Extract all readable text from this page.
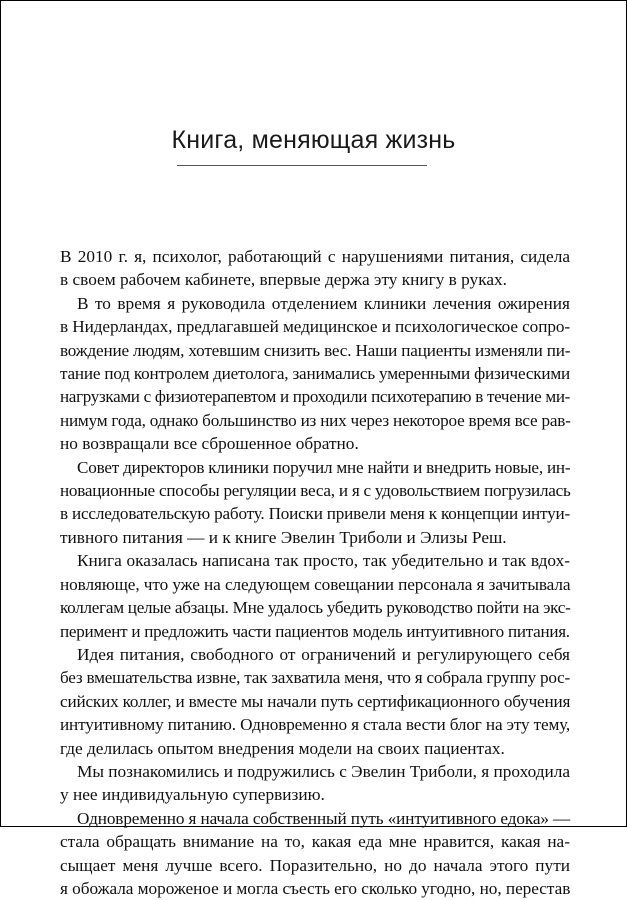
Книга, меняющая жизнь
В 2010 г. я, психолог, работающий с нарушениями питания, сидела
в своем рабочем кабинете, впервые держа эту книгу в руках.
В то время я руководила отделением клиники лечения ожирения
в Нидерландах, предлагавшей медицинское и психологическое сопро-
вождение людям, хотевшим снизить вес. Наши пациенты изменяли пи-
тание под контролем диетолога, занимались умеренными физическими
нагрузками с физиотерапевтом и проходили психотерапию в течение ми-
нимум года, однако большинство из них через некоторое время все рав-
но возвращали все сброшенное обратно.
Совет директоров клиники поручил мне найти и внедрить новые, ин-
новационные способы регуляции веса, и я с удовольствием погрузилась
в исследовательскую работу. Поиски привели меня к концепции интуи-
тивного питания — и к книге Эвелин Триболи и Элизы Реш.
Книга оказалась написана так просто, так убедительно и так вдох-
новляюще, что уже на следующем совещании персонала я зачитывала
коллегам целые абзацы. Мне удалось убедить руководство пойти на экс-
перимент и предложить части пациентов модель интуитивного питания.
Идея питания, свободного от ограничений и регулирующего себя
без вмешательства извне, так захватила меня, что я собрала группу рос-
сийских коллег, и вместе мы начали путь сертификационного обучения
интуитивному питанию. Одновременно я стала вести блог на эту тему,
где делилась опытом внедрения модели на своих пациентах.
Мы познакомились и подружились с Эвелин Триболи, я проходила
у нее индивидуальную супервизию.
Одновременно я начала собственный путь «интуитивного едока» —
стала обращать внимание на то, какая еда мне нравится, какая на-
сыщает меня лучше всего. Поразительно, но до начала этого пути
я обожала мороженое и могла съесть его сколько угодно, но, перестав
